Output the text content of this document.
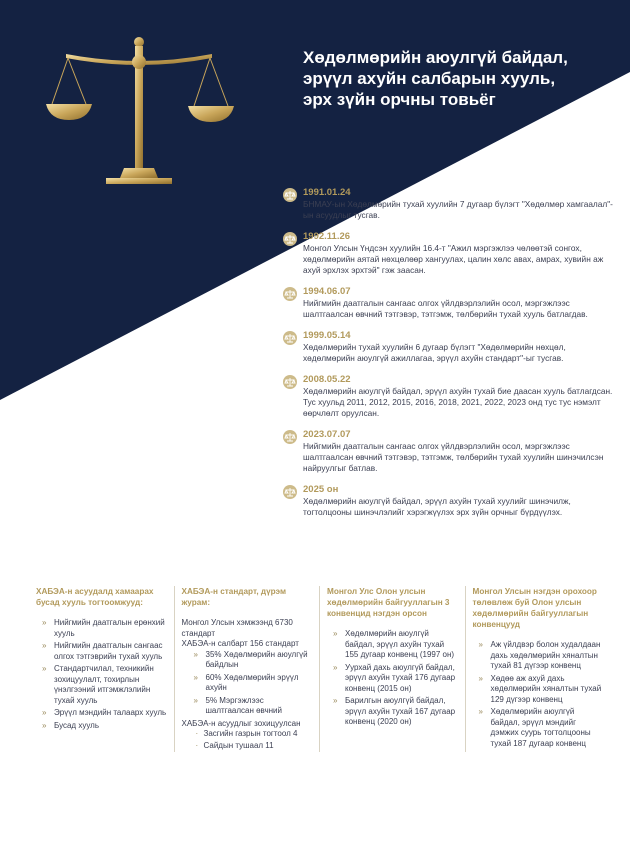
Хөдөлмөрийн аюулгүй байдал,
эрүүл ахуйн салбарын хууль,
эрх зүйн орчны товьёг
1991.01.24
БНМАУ-ын Хөдөлмөрийн тухай хуулийн 7 дугаар бүлэгт "Хөдөлмөр хамгаалал"-ын асуудлыг тусгав.
1992.11.26
Монгол Улсын Үндсэн хуулийн 16.4-т "Ажил мэргэжлээ чөлөөтэй сонгох, хөдөлмөрийн аятай нөхцөлөөр хангуулах, цалин хөлс авах, амрах, хувийн аж ахуй эрхлэх эрхтэй" гэж заасан.
1994.06.07
Нийгмийн даатгалын сангаас олгох үйлдвэрлэлийн осол, мэргэжлээс шалтгаалсан өвчний тэтгэвэр, тэтгэмж, төлбөрийн тухай хууль батлагдав.
1999.05.14
Хөдөлмөрийн тухай хуулийн 6 дугаар бүлэгт "Хөдөлмөрийн нөхцөл, хөдөлмөрийн аюулгүй ажиллагаа, эрүүл ахуйн стандарт"-ыг тусгав.
2008.05.22
Хөдөлмөрийн аюулгүй байдал, эрүүл ахуйн тухай бие даасан хууль батлагдсан. Тус хуульд 2011, 2012, 2015, 2016, 2018, 2021, 2022, 2023 онд тус тус нэмэлт өөрчлөлт оруулсан.
2023.07.07
Нийгмийн даатгалын сангаас олгох үйлдвэрлэлийн осол, мэргэжлээс шалтгаалсан өвчний тэтгэвэр, тэтгэмж, төлбөрийн тухай хуулийн шинэчилсэн найруулгыг батлав.
2025 он
Хөдөлмөрийн аюулгүй байдал, эрүүл ахуйн тухай хуулийг шинэчилж, тогтолцооны шинэчлэлийг хэрэгжүүлэх эрх зүйн орчныг бүрдүүлэх.
ХАБЭА-н асуудалд хамаарах бусад хууль тогтоомжууд:
» Нийгмийн даатгалын ерөнхий хууль
» Нийгмийн даатгалын сангаас олгох тэтгэврийн тухай хууль
» Стандартчилал, техникийн зохицуулалт, тохирлын үнэлгээний итгэмжлэлийн тухай хууль
» Эрүүл мэндийн талаарх хууль
» Бусад хууль
ХАБЭА-н стандарт, дүрэм журам:
Монгол Улсын хэмжээнд 6730 стандарт
ХАБЭА-н салбарт 156 стандарт
» 35% Хөдөлмөрийн аюулгүй байдлын
» 60% Хөдөлмөрийн эрүүл ахуйн
» 5% Мэргэжлээс шалтгаалсан өвчний
ХАБЭА-н асуудлыг зохицуулсан
· Засгийн газрын тогтоол 4
· Сайдын тушаал 11
Монгол Улс Олон улсын хөдөлмөрийн байгууллагын 3 конвенцид нэгдэн орсон
» Хөдөлмөрийн аюулгүй байдал, эрүүл ахуйн тухай 155 дугаар конвенц (1997 он)
» Уурхай дахь аюулгүй байдал, эрүүл ахуйн тухай 176 дугаар конвенц (2015 он)
» Барилгын аюулгүй байдал, эрүүл ахуйн тухай 167 дугаар конвенц (2020 он)
Монгол Улсын нэгдэн орохоор төлөвлөж буй Олон улсын хөдөлмөрийн байгууллагын конвенцууд
» Аж үйлдвэр болон худалдаан дахь хөдөлмөрийн хяналтын тухай 81 дүгээр конвенц
» Хөдөө аж ахуй дахь хөдөлмөрийн хяналтын тухай 129 дүгээр конвенц
» Хөдөлмөрийн аюулгүй байдал, эрүүл мэндийг дэмжих суурь тогтолцооны тухай 187 дугаар конвенц
